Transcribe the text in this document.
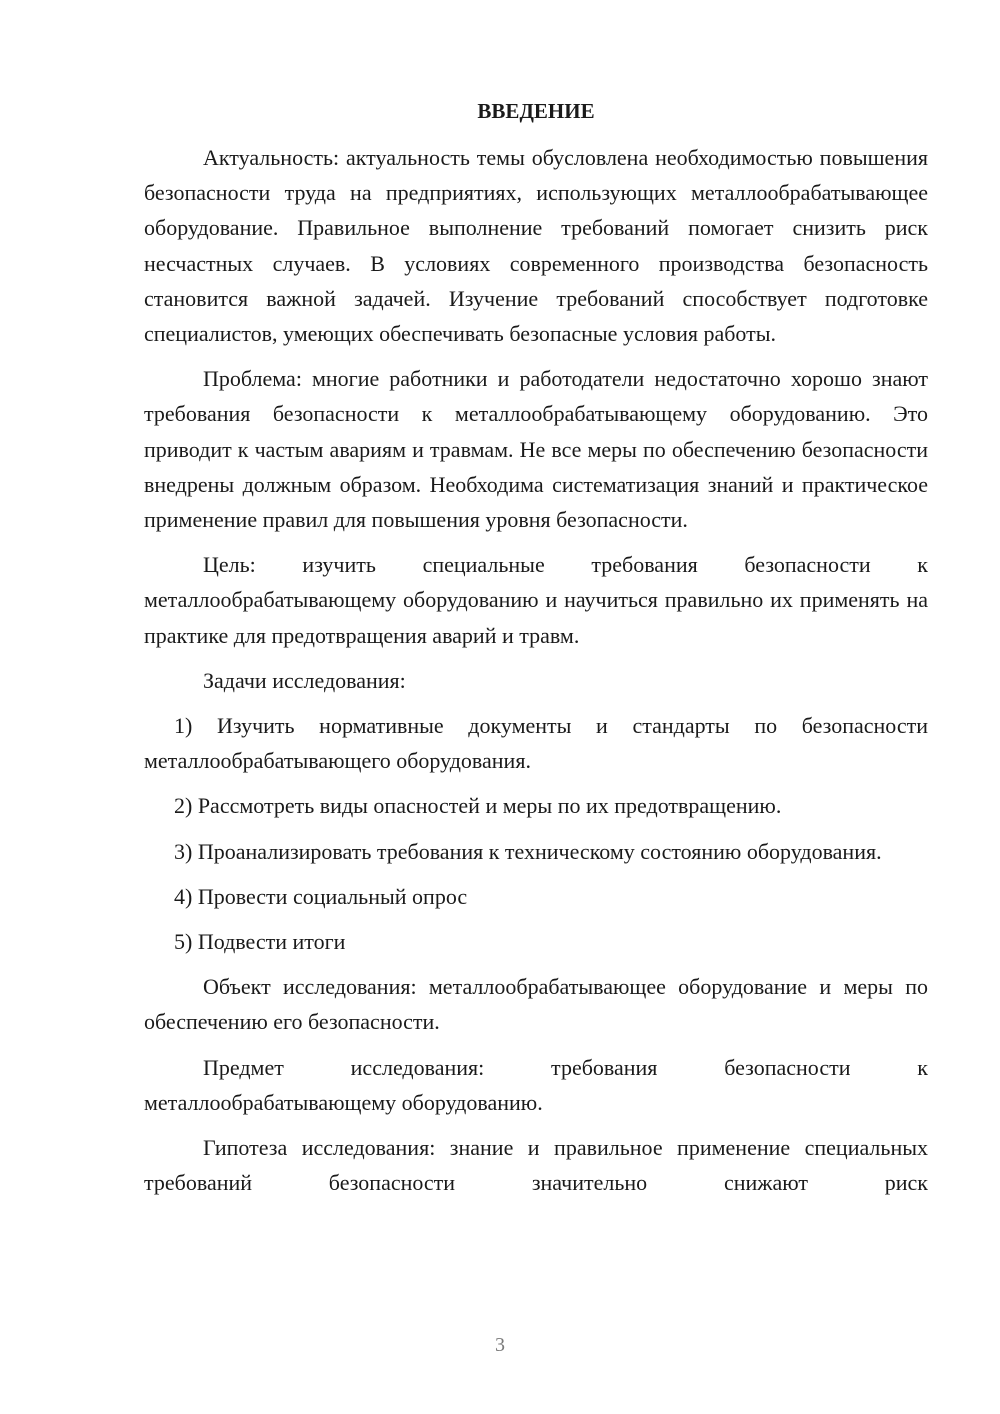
ВВЕДЕНИЕ

Актуальность: актуальность темы обусловлена необходимостью повышения безопасности труда на предприятиях, использующих металлообрабатывающее оборудование. Правильное выполнение требований помогает снизить риск несчастных случаев. В условиях современного производства безопасность становится важной задачей. Изучение требований способствует подготовке специалистов, умеющих обеспечивать безопасные условия работы.

Проблема: многие работники и работодатели недостаточно хорошо знают требования безопасности к металлообрабатывающему оборудованию. Это приводит к частым авариям и травмам. Не все меры по обеспечению безопасности внедрены должным образом. Необходима систематизация знаний и практическое применение правил для повышения уровня безопасности.

Цель: изучить специальные требования безопасности к металлообрабатывающему оборудованию и научиться правильно их применять на практике для предотвращения аварий и травм.

Задачи исследования:

1) Изучить нормативные документы и стандарты по безопасности металлообрабатывающего оборудования.

2) Рассмотреть виды опасностей и меры по их предотвращению.

3) Проанализировать требования к техническому состоянию оборудования.

4) Провести социальный опрос

5) Подвести итоги

Объект исследования: металлообрабатывающее оборудование и меры по обеспечению его безопасности.

Предмет исследования: требования безопасности к металлообрабатывающему оборудованию.

Гипотеза исследования: знание и правильное применение специальных требований безопасности значительно снижают риск

3
